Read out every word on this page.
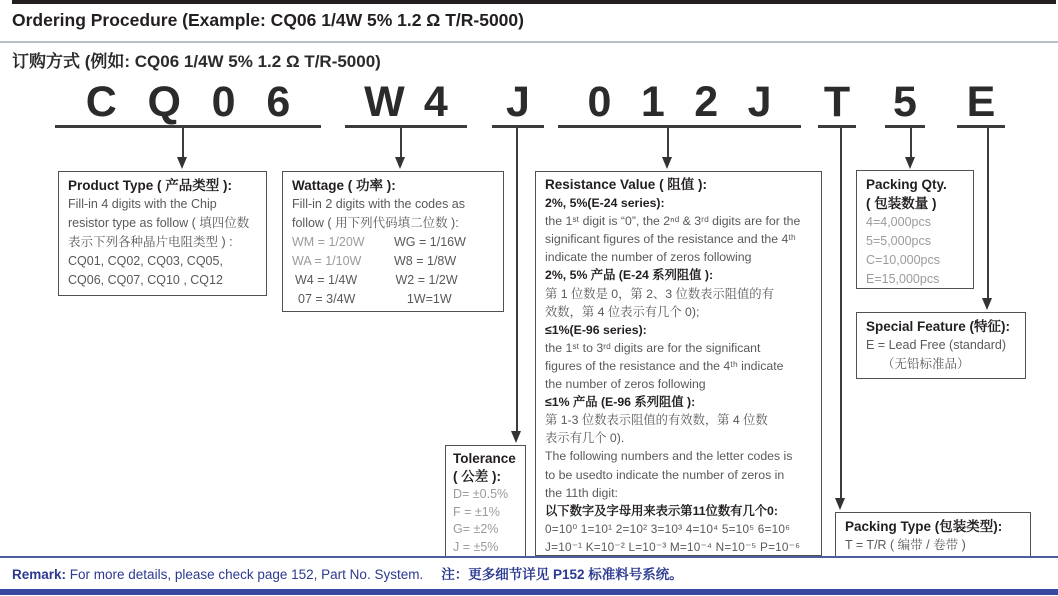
Ordering Procedure (Example: CQ06 1/4W 5% 1.2 Ω T/R-5000)
订购方式 (例如: CQ06 1/4W 5% 1.2 Ω T/R-5000)
C Q 0 6 W 4 J 0 1 2 J T 5 E
Product Type ( 产品类型 ):
Fill-in 4 digits with the Chip
resistor type as follow ( 填四位数
表示下列各种晶片电阻类型 ) :
CQ01, CQ02, CQ03, CQ05,
CQ06, CQ07, CQ10 , CQ12
Wattage ( 功率 ):
Fill-in 2 digits with the codes as
follow ( 用下列代码填二位数 ):
WM = 1/20W	WG = 1/16W
WA = 1/10W	W8 = 1/8W
W4 = 1/4W	W2 = 1/2W
07 = 3/4W	1W=1W
Tolerance
( 公差 ):
D= ±0.5%
F = ±1%
G= ±2%
J = ±5%
Resistance Value ( 阻值 ):
2%, 5%(E-24 series):
the 1ˢᵗ digit is “0”, the 2ⁿᵈ & 3ʳᵈ digits are for the
significant figures of the resistance and the 4ᵗʰ
indicate the number of zeros following
2%, 5% 产品 (E-24 系列阻值 ):
第 1 位数是 0，第 2、3 位数表示阻值的有
效数，第 4 位表示有几个 0);
≤1%(E-96 series):
the 1ˢᵗ to 3ʳᵈ digits are for the significant
figures of the resistance and the 4ᵗʰ indicate
the number of zeros following
≤1% 产品 (E-96 系列阻值 ):
第 1-3 位数表示阻值的有效数，第 4 位数
表示有几个 0).
The following numbers and the letter codes is
to be usedto indicate the number of zeros in
the 11th digit:
以下数字及字母用来表示第11位数有几个0:
0=10⁰ 1=10¹ 2=10² 3=10³ 4=10⁴ 5=10⁵ 6=10⁶
J=10⁻¹ K=10⁻² L=10⁻³ M=10⁻⁴ N=10⁻⁵ P=10⁻⁶
Packing Qty.
( 包装数量 )
4=4,000pcs
5=5,000pcs
C=10,000pcs
E=15,000pcs
Special Feature (特征):
E = Lead Free (standard)
（无铅标准品）
Packing Type (包装类型):
T = T/R ( 编带 / 卷带 )
Remark: For more details, please check page 152, Part No. System. 注：更多细节详见 P152 标准料号系统。
